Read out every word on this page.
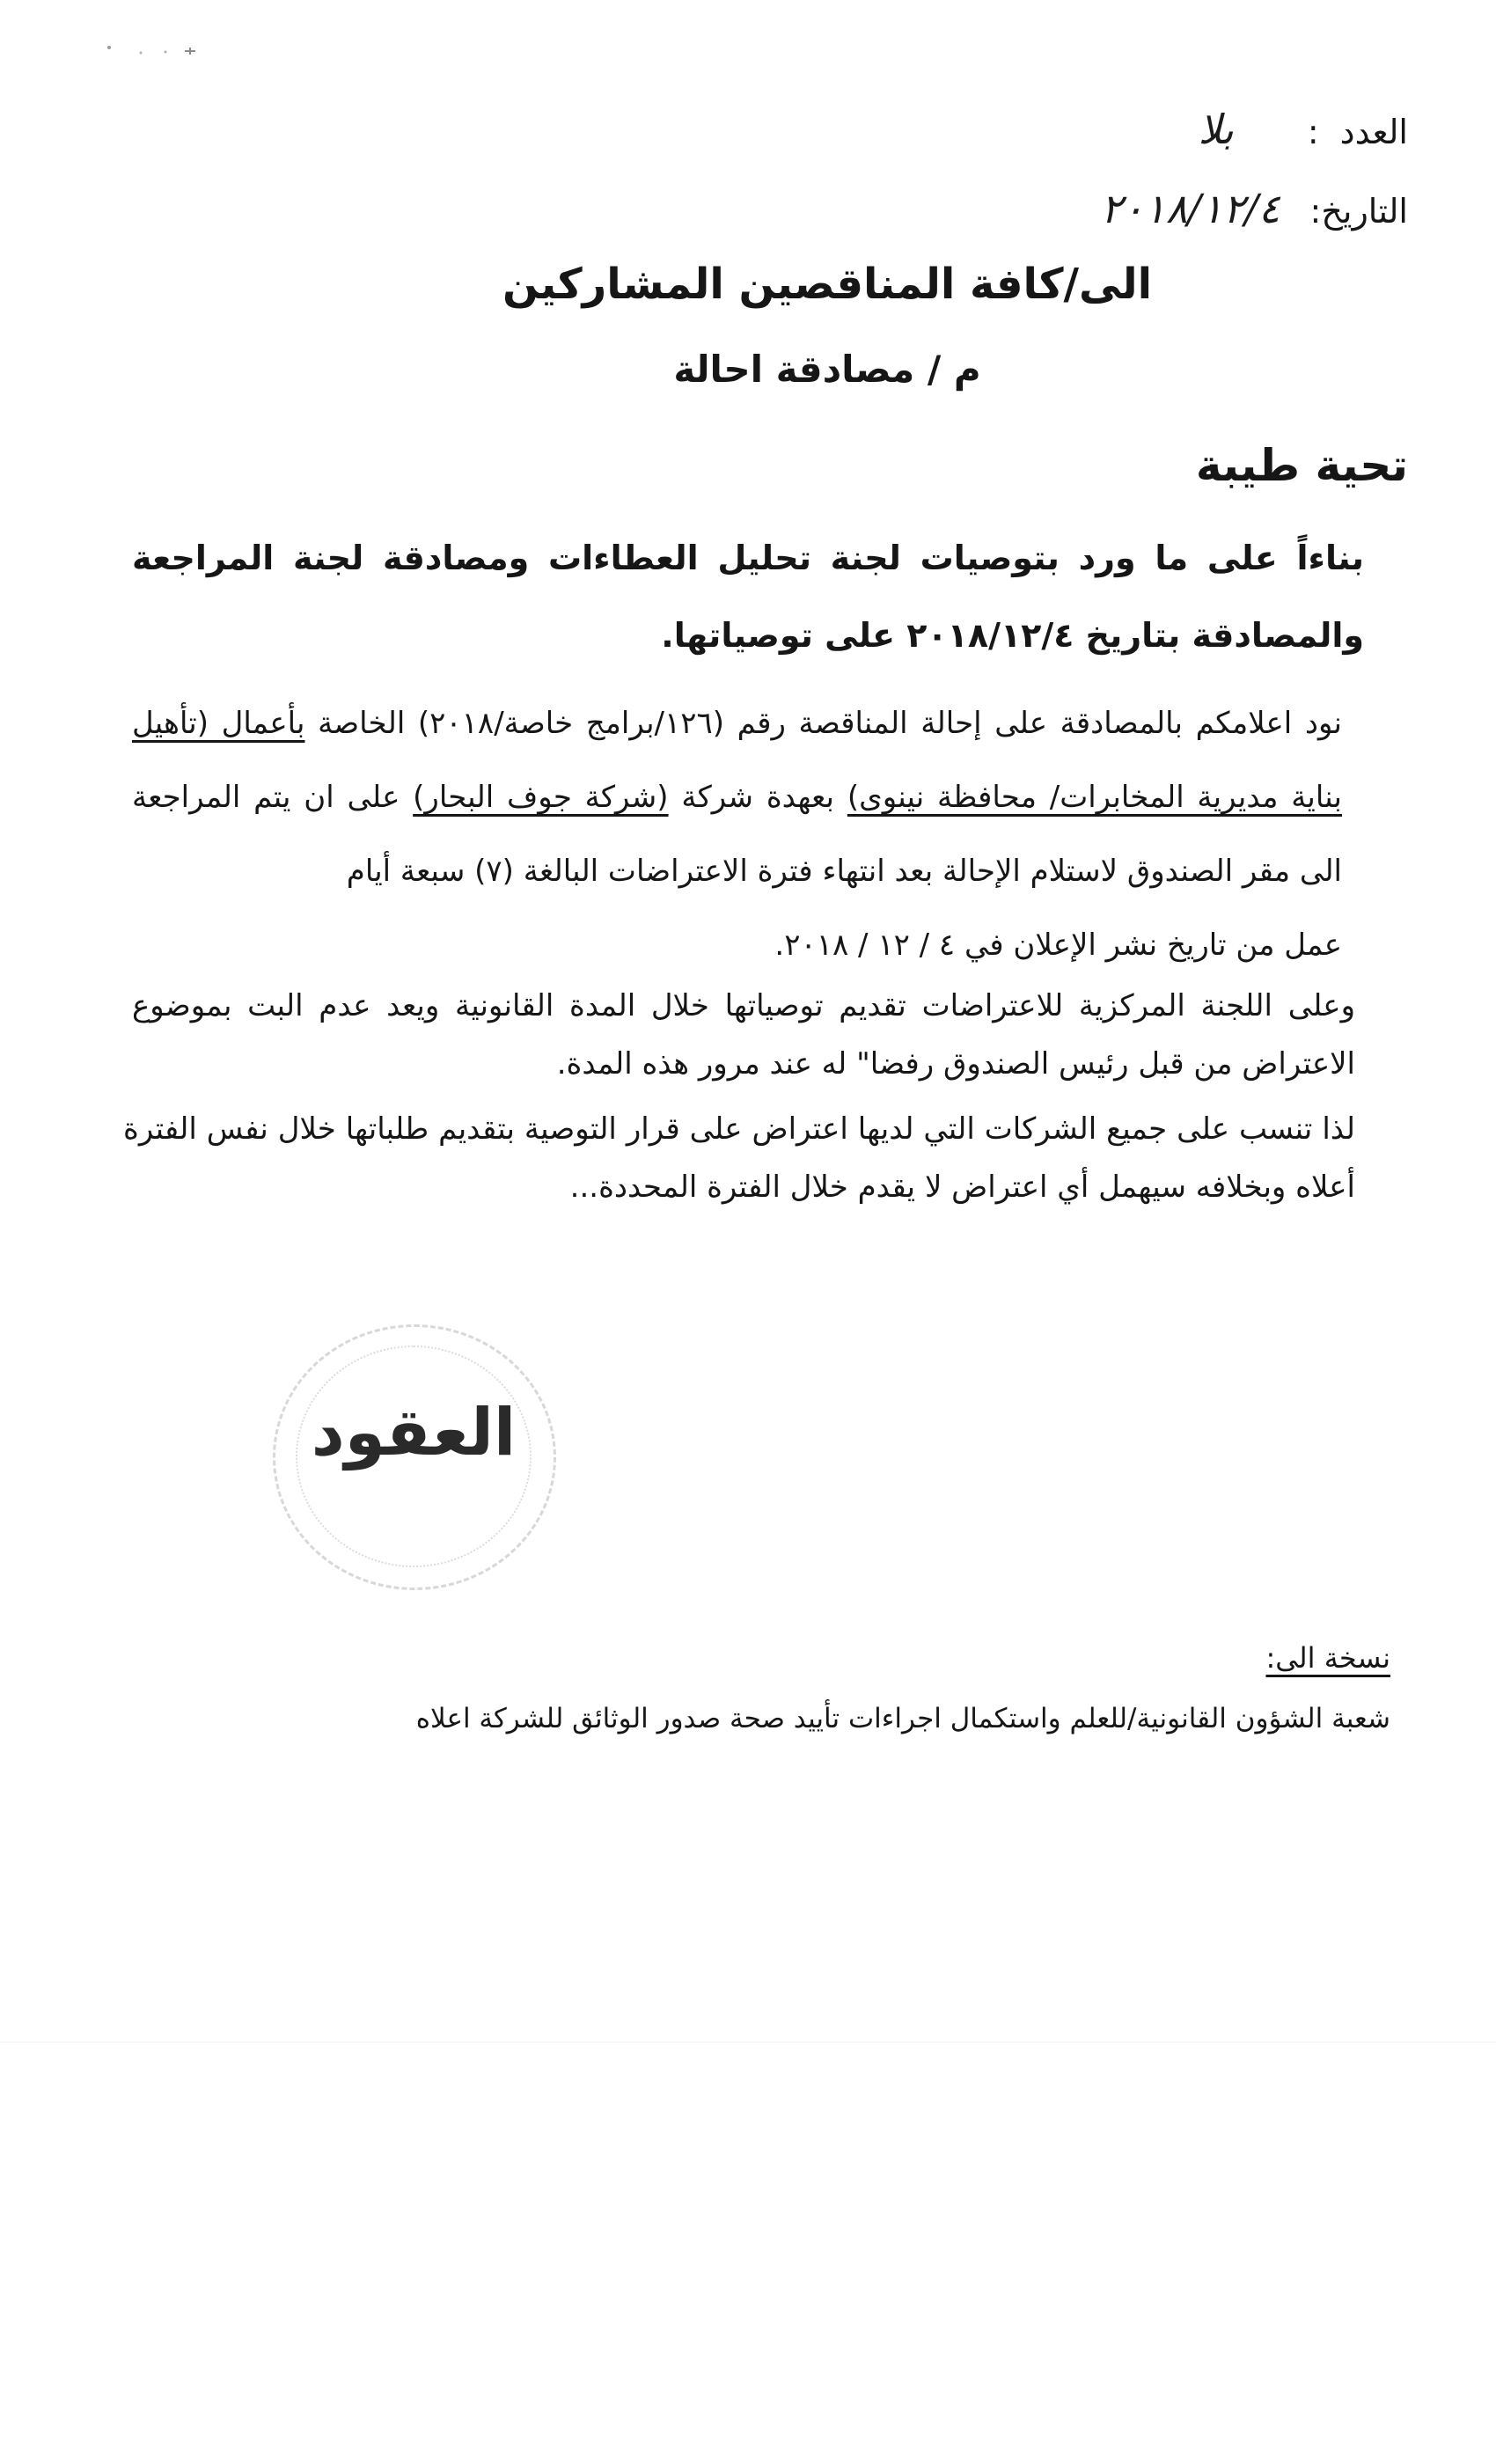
العدد
:
بلا
التاريخ:
٢٠١٨/١٢/٤
الى/كافة المناقصين المشاركين
م / مصادقة احالة
تحية طيبة
بناءاً على ما ورد بتوصيات لجنة تحليل العطاءات ومصادقة لجنة المراجعة والمصادقة بتاريخ ٢٠١٨/١٢/٤ على توصياتها.
نود اعلامكم بالمصادقة على إحالة المناقصة رقم (١٢٦/برامج خاصة/٢٠١٨) الخاصة بأعمال (تأهيل بناية مديرية المخابرات/ محافظة نينوى) بعهدة شركة (شركة جوف البحار) على ان يتم المراجعة الى مقر الصندوق لاستلام الإحالة بعد انتهاء فترة الاعتراضات البالغة (٧) سبعة أيام
عمل من تاريخ نشر الإعلان في ٤ / ١٢ / ٢٠١٨.
وعلى اللجنة المركزية للاعتراضات تقديم توصياتها خلال المدة القانونية ويعد عدم البت بموضوع الاعتراض من قبل رئيس الصندوق رفضا" له عند مرور هذه المدة.
لذا تنسب على جميع الشركات التي لديها اعتراض على قرار التوصية بتقديم طلباتها خلال نفس الفترة أعلاه وبخلافه سيهمل أي اعتراض لا يقدم خلال الفترة المحددة...
العقود
نسخة الى:
شعبة الشؤون القانونية/للعلم واستكمال اجراءات تأييد صحة صدور الوثائق للشركة اعلاه
